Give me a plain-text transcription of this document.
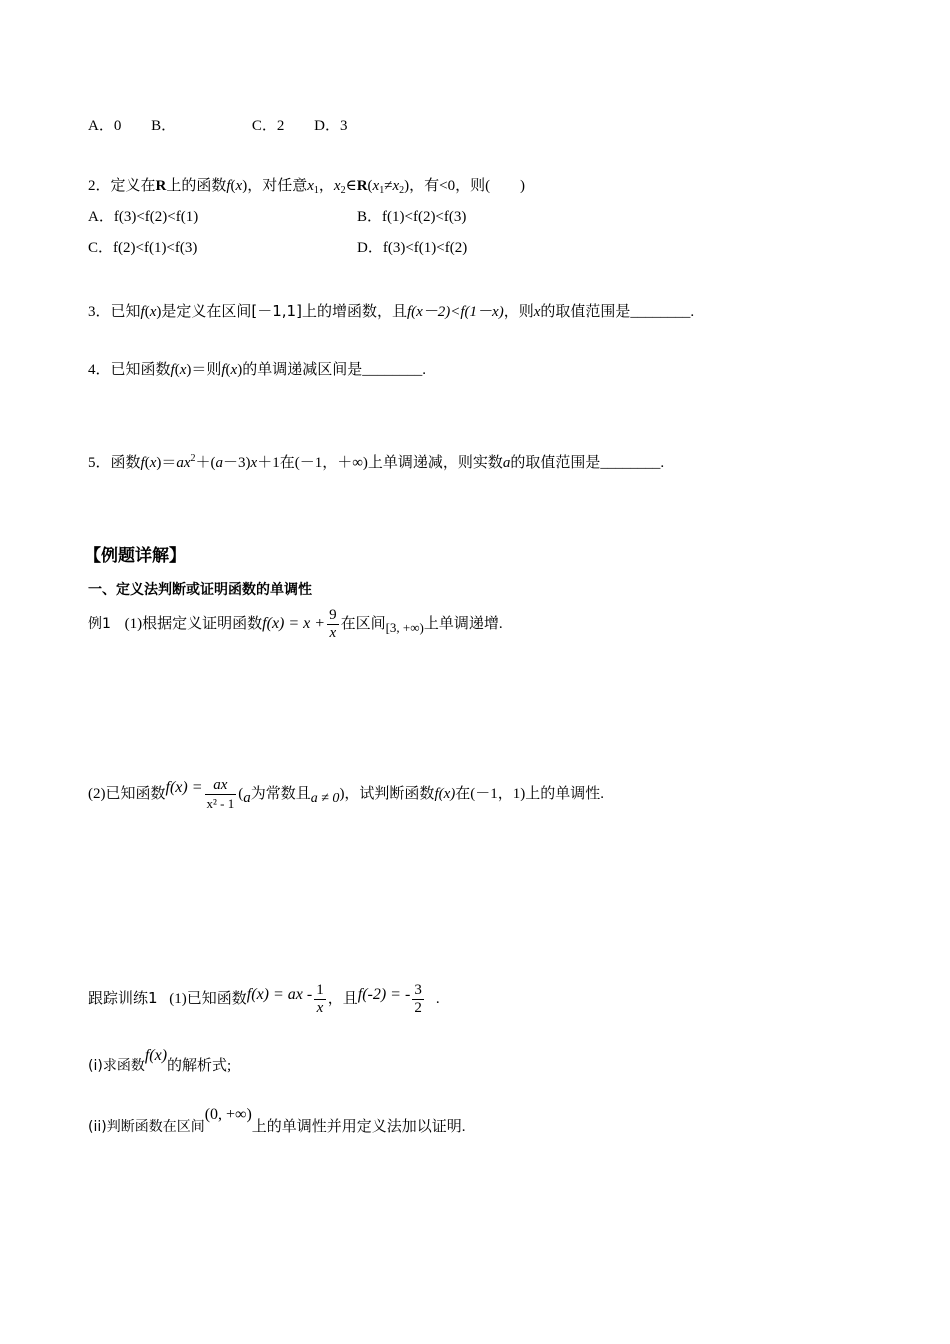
A．0 B．	C．2 D．3
2．定义在R上的函数f(x)，对任意$x_1$，$x_2\in R(x_1\ne x_2)$，有<0，则(　　)
A．f(3)<f(2)<f(1)	B．f(1)<f(2)<f(3)
C．f(2)<f(1)<f(3)	D．f(3)<f(1)<f(2)
3．已知f(x)是定义在区间[－1,1]上的增函数，且f(x－2)<f(1－x)，则x的取值范围是________.
4．已知函数f(x)＝则f(x)的单调递减区间是________.
5．函数$f(x)=ax^2+(a-3)x+1$在(－1，＋∞)上单调递减，则实数a的取值范围是________.
【例题详解】
一、定义法判断或证明函数的单调性
例1 (1)根据定义证明函数$f(x) = x + \frac{9}{x}$ 在区间[3, +∞)上单调递增.
(2)已知函数$f(x) = \frac{ax}{\text{x² - 1}} (a$为常数且a ≠ 0)，试判断函数f(x)在(－1，1)上的单调性.
跟踪训练1 (1)已知函数f(x) = ax - $\frac{1}{x}$ ，且f(-2) = - $\frac{3}{2}$ .
(i)求函数f(x)的解析式;
(ii)判断函数在区间(0, +∞)上的单调性并用定义法加以证明.
